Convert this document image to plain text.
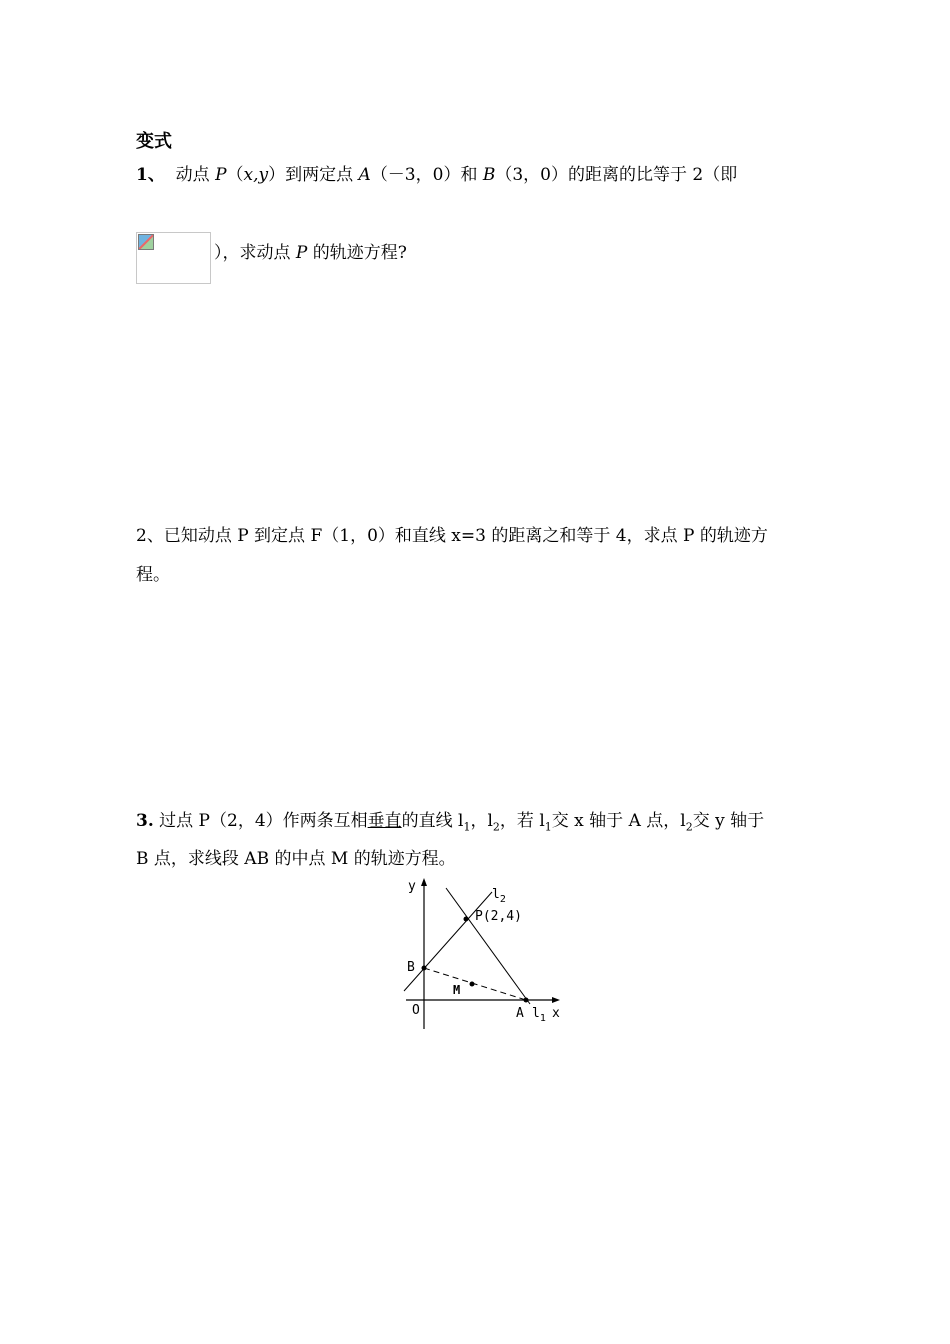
变式
1、 动点 P（x,y）到两定点 A（－3，0）和 B（3，0）的距离的比等于 2（即
），求动点 P 的轨迹方程?
2、已知动点 P 到定点 F（1，0）和直线 x=3 的距离之和等于 4，求点 P 的轨迹方
程。
3. 过点 P（2，4）作两条互相垂直的直线 $l_1$，$l_2$，若 $l_1$交 x 轴于 A 点，$l_2$交 y 轴于
B 点，求线段 AB 的中点 M 的轨迹方程。
y
$l_2$
P(2,4)
B
M
O	A $l_1$ x
